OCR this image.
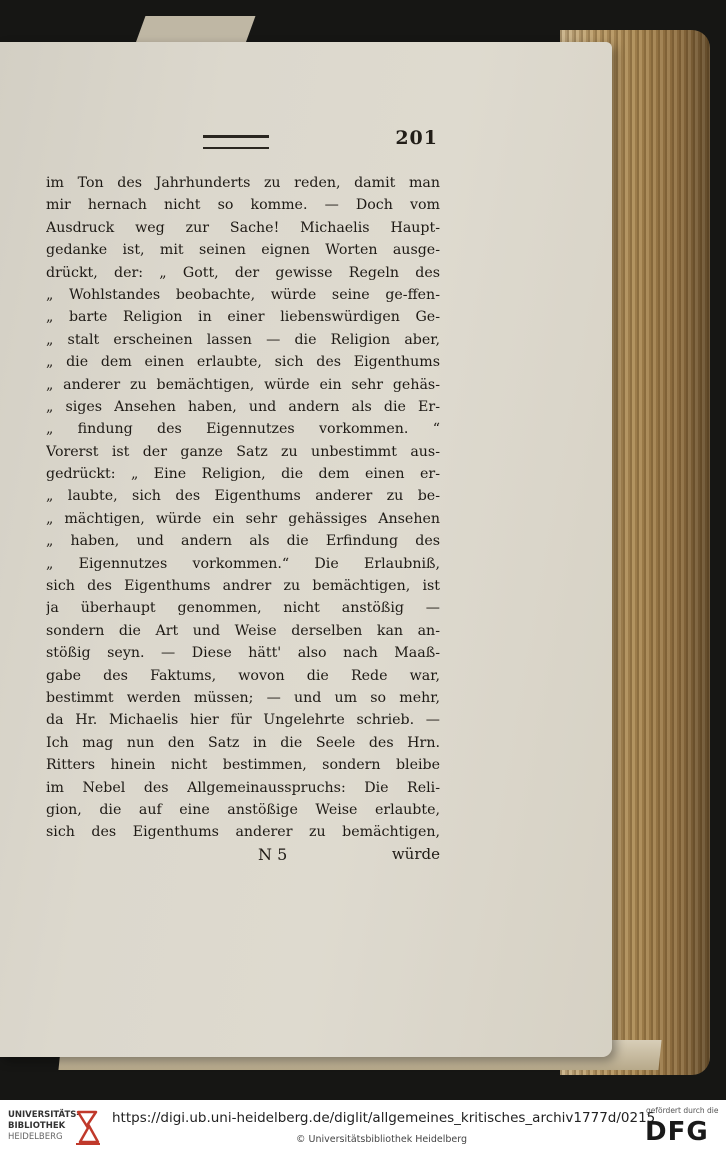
201
im Ton des Jahrhunderts zu reden, damit man
mir hernach nicht so komme. — Doch vom
Ausdruck weg zur Sache! Michaelis Haupt-
gedanke ist, mit seinen eignen Worten ausge-
drückt, der: „ Gott, der gewisse Regeln des
„ Wohlstandes beobachte, würde seine ge-ffen-
„ barte Religion in einer liebenswürdigen Ge-
„ stalt erscheinen lassen — die Religion aber,
„ die dem einen erlaubte, sich des Eigenthums
„ anderer zu bemächtigen, würde ein sehr gehäs-
„ siges Ansehen haben, und andern als die Er-
„ findung des Eigennutzes vorkommen. “
Vorerst ist der ganze Satz zu unbestimmt aus-
gedrückt: „ Eine Religion, die dem einen er-
„ laubte, sich des Eigenthums anderer zu be-
„ mächtigen, würde ein sehr gehässiges Ansehen
„ haben, und andern als die Erfindung des
„ Eigennutzes vorkommen.“ Die Erlaubniß,
sich des Eigenthums andrer zu bemächtigen, ist
ja überhaupt genommen, nicht anstößig —
sondern die Art und Weise derselben kan an-
stößig seyn. — Diese hätt' also nach Maaß-
gabe des Faktums, wovon die Rede war,
bestimmt werden müssen; — und um so mehr,
da Hr. Michaelis hier für Ungelehrte schrieb. —
Ich mag nun den Satz in die Seele des Hrn.
Ritters hinein nicht bestimmen, sondern bleibe
im Nebel des Allgemeinausspruchs: Die Reli-
gion, die auf eine anstößige Weise erlaubte,
sich des Eigenthums anderer zu bemächtigen,
N 5	würde
UNIVERSITÄTS-
BIBLIOTHEK
HEIDELBERG
https://digi.ub.uni-heidelberg.de/diglit/allgemeines_kritisches_archiv1777d/0215
© Universitätsbibliothek Heidelberg
gefördert durch die
DFG
